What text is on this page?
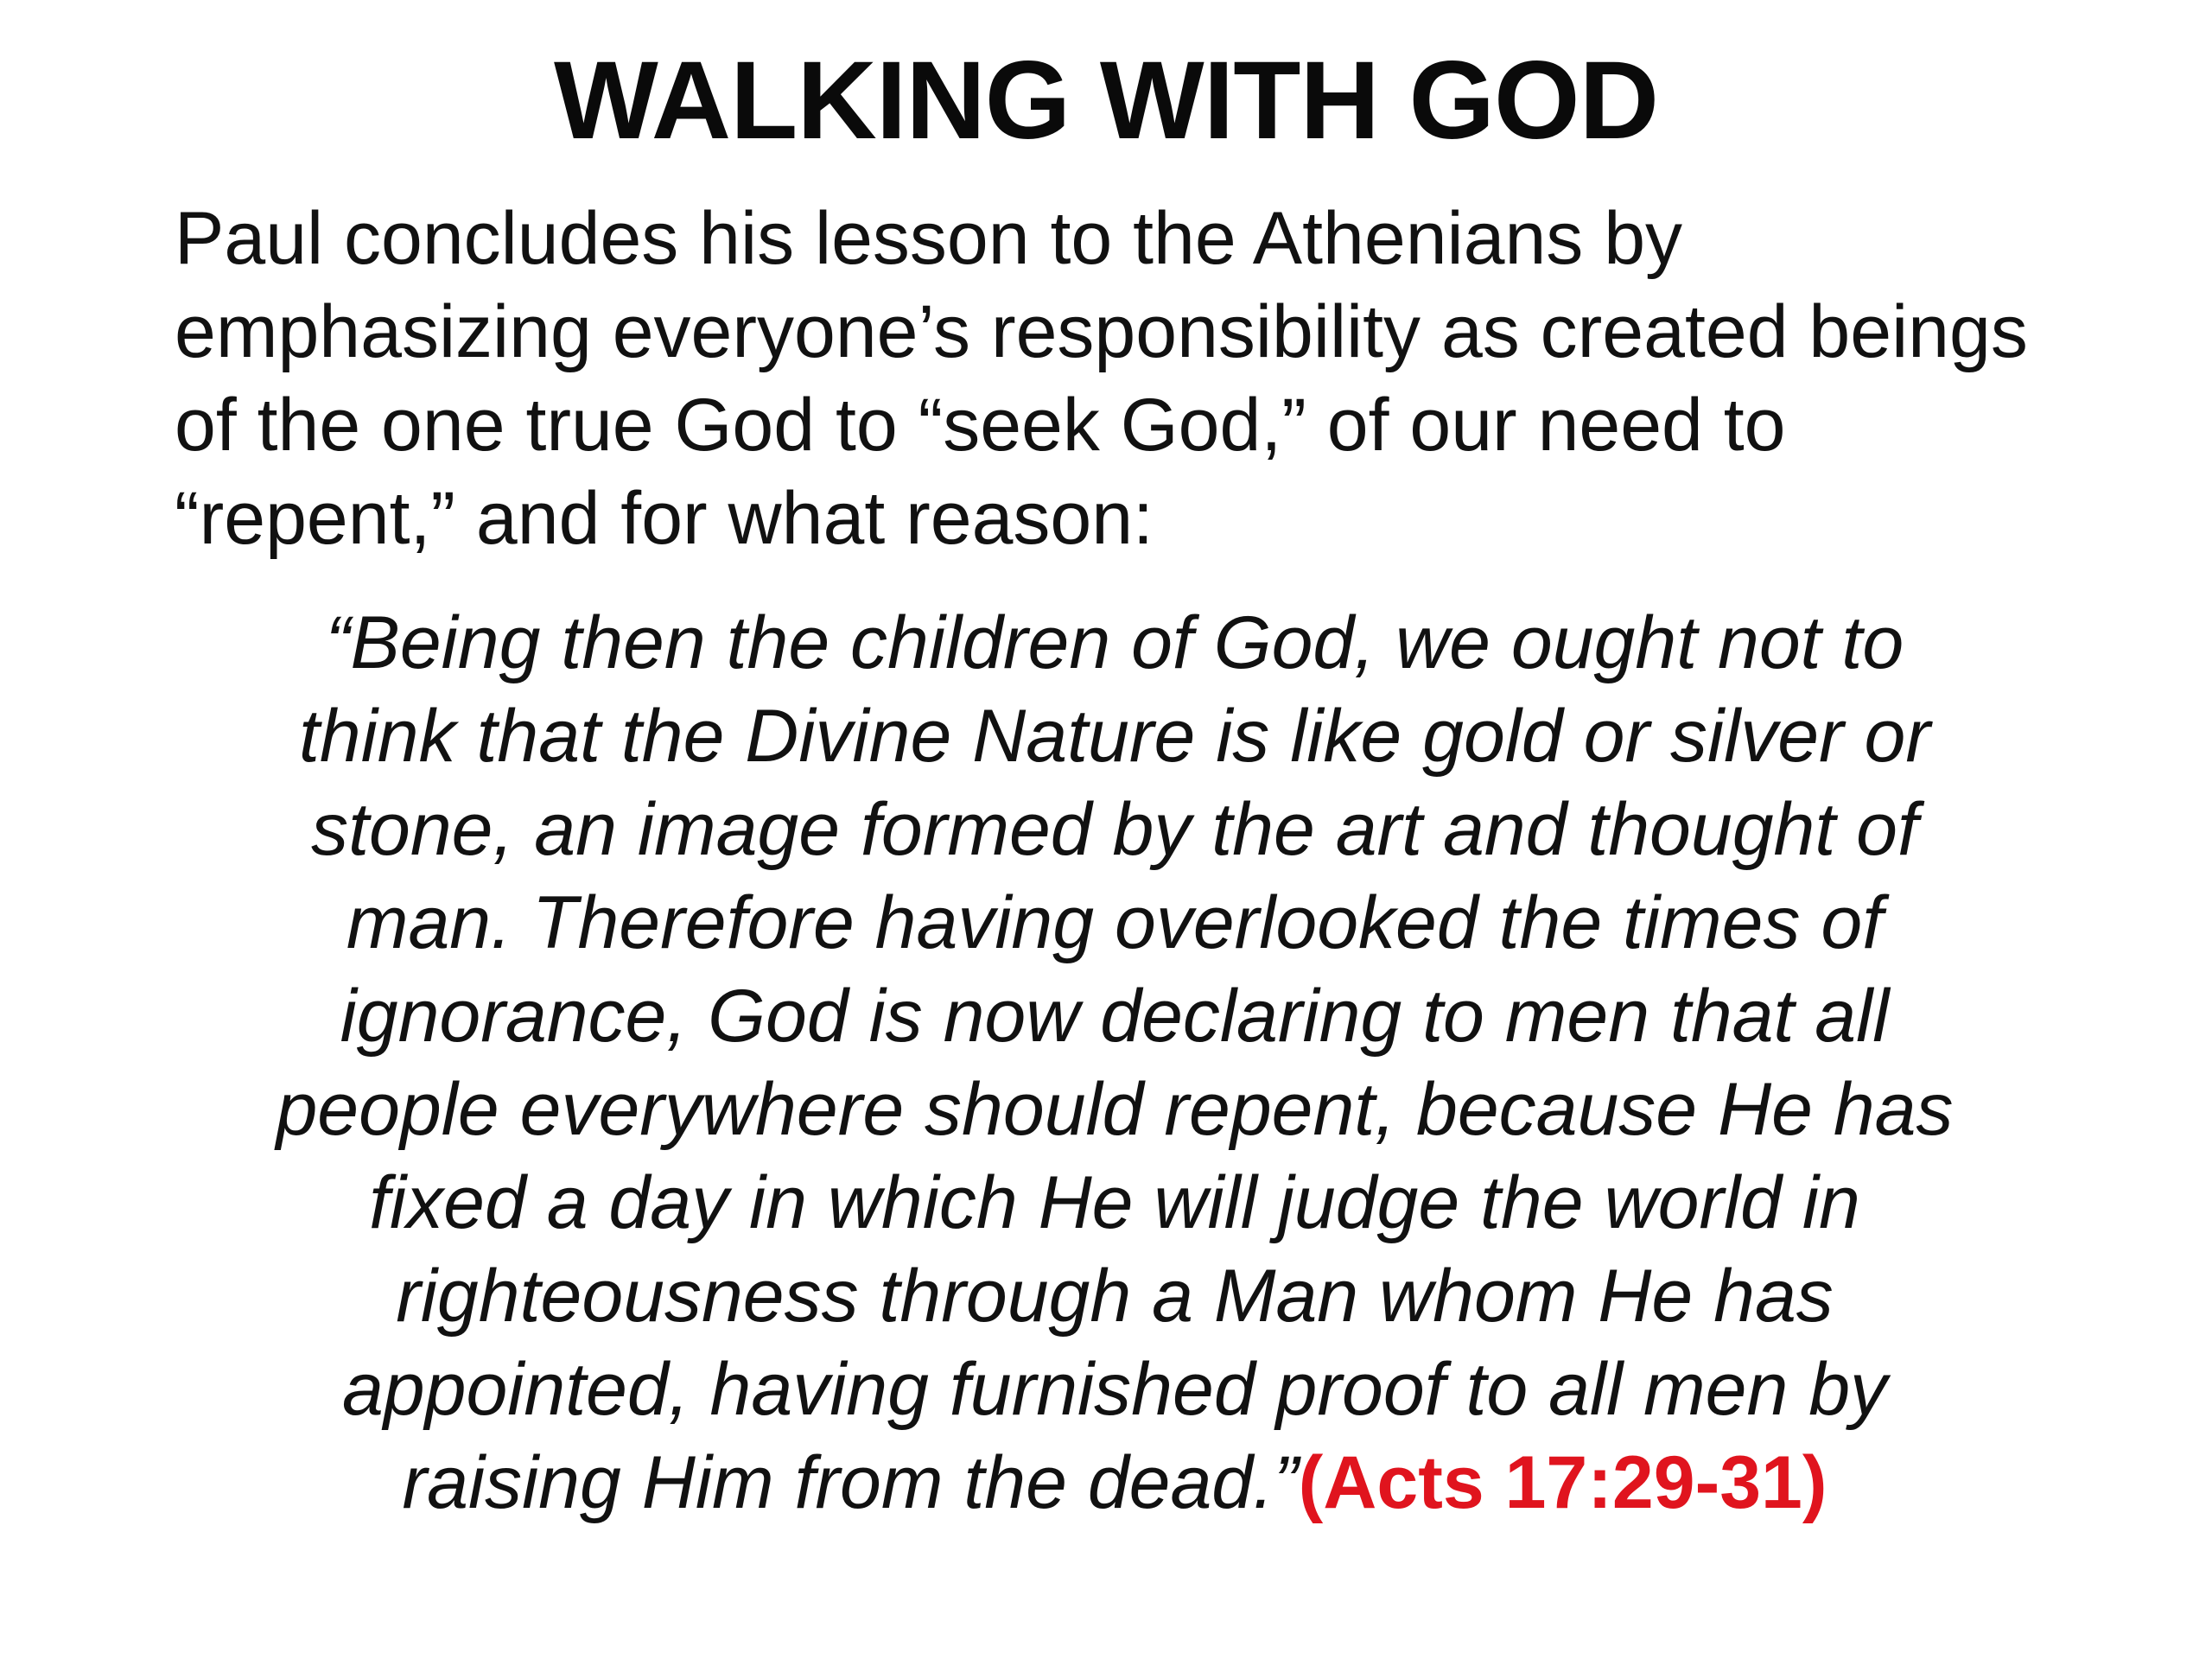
WALKING WITH GOD

Paul concludes his lesson to the Athenians by emphasizing everyone’s responsibility as created beings of the one true God to “seek God,” of our need to “repent,” and for what reason:

“Being then the children of God, we ought not to
think that the Divine Nature is like gold or silver or
stone, an image formed by the art and thought of
man. Therefore having overlooked the times of
ignorance, God is now declaring to men that all
people everywhere should repent, because He has
fixed a day in which He will judge the world in
righteousness through a Man whom He has
appointed, having furnished proof to all men by
raising Him from the dead.”(Acts 17:29-31)
